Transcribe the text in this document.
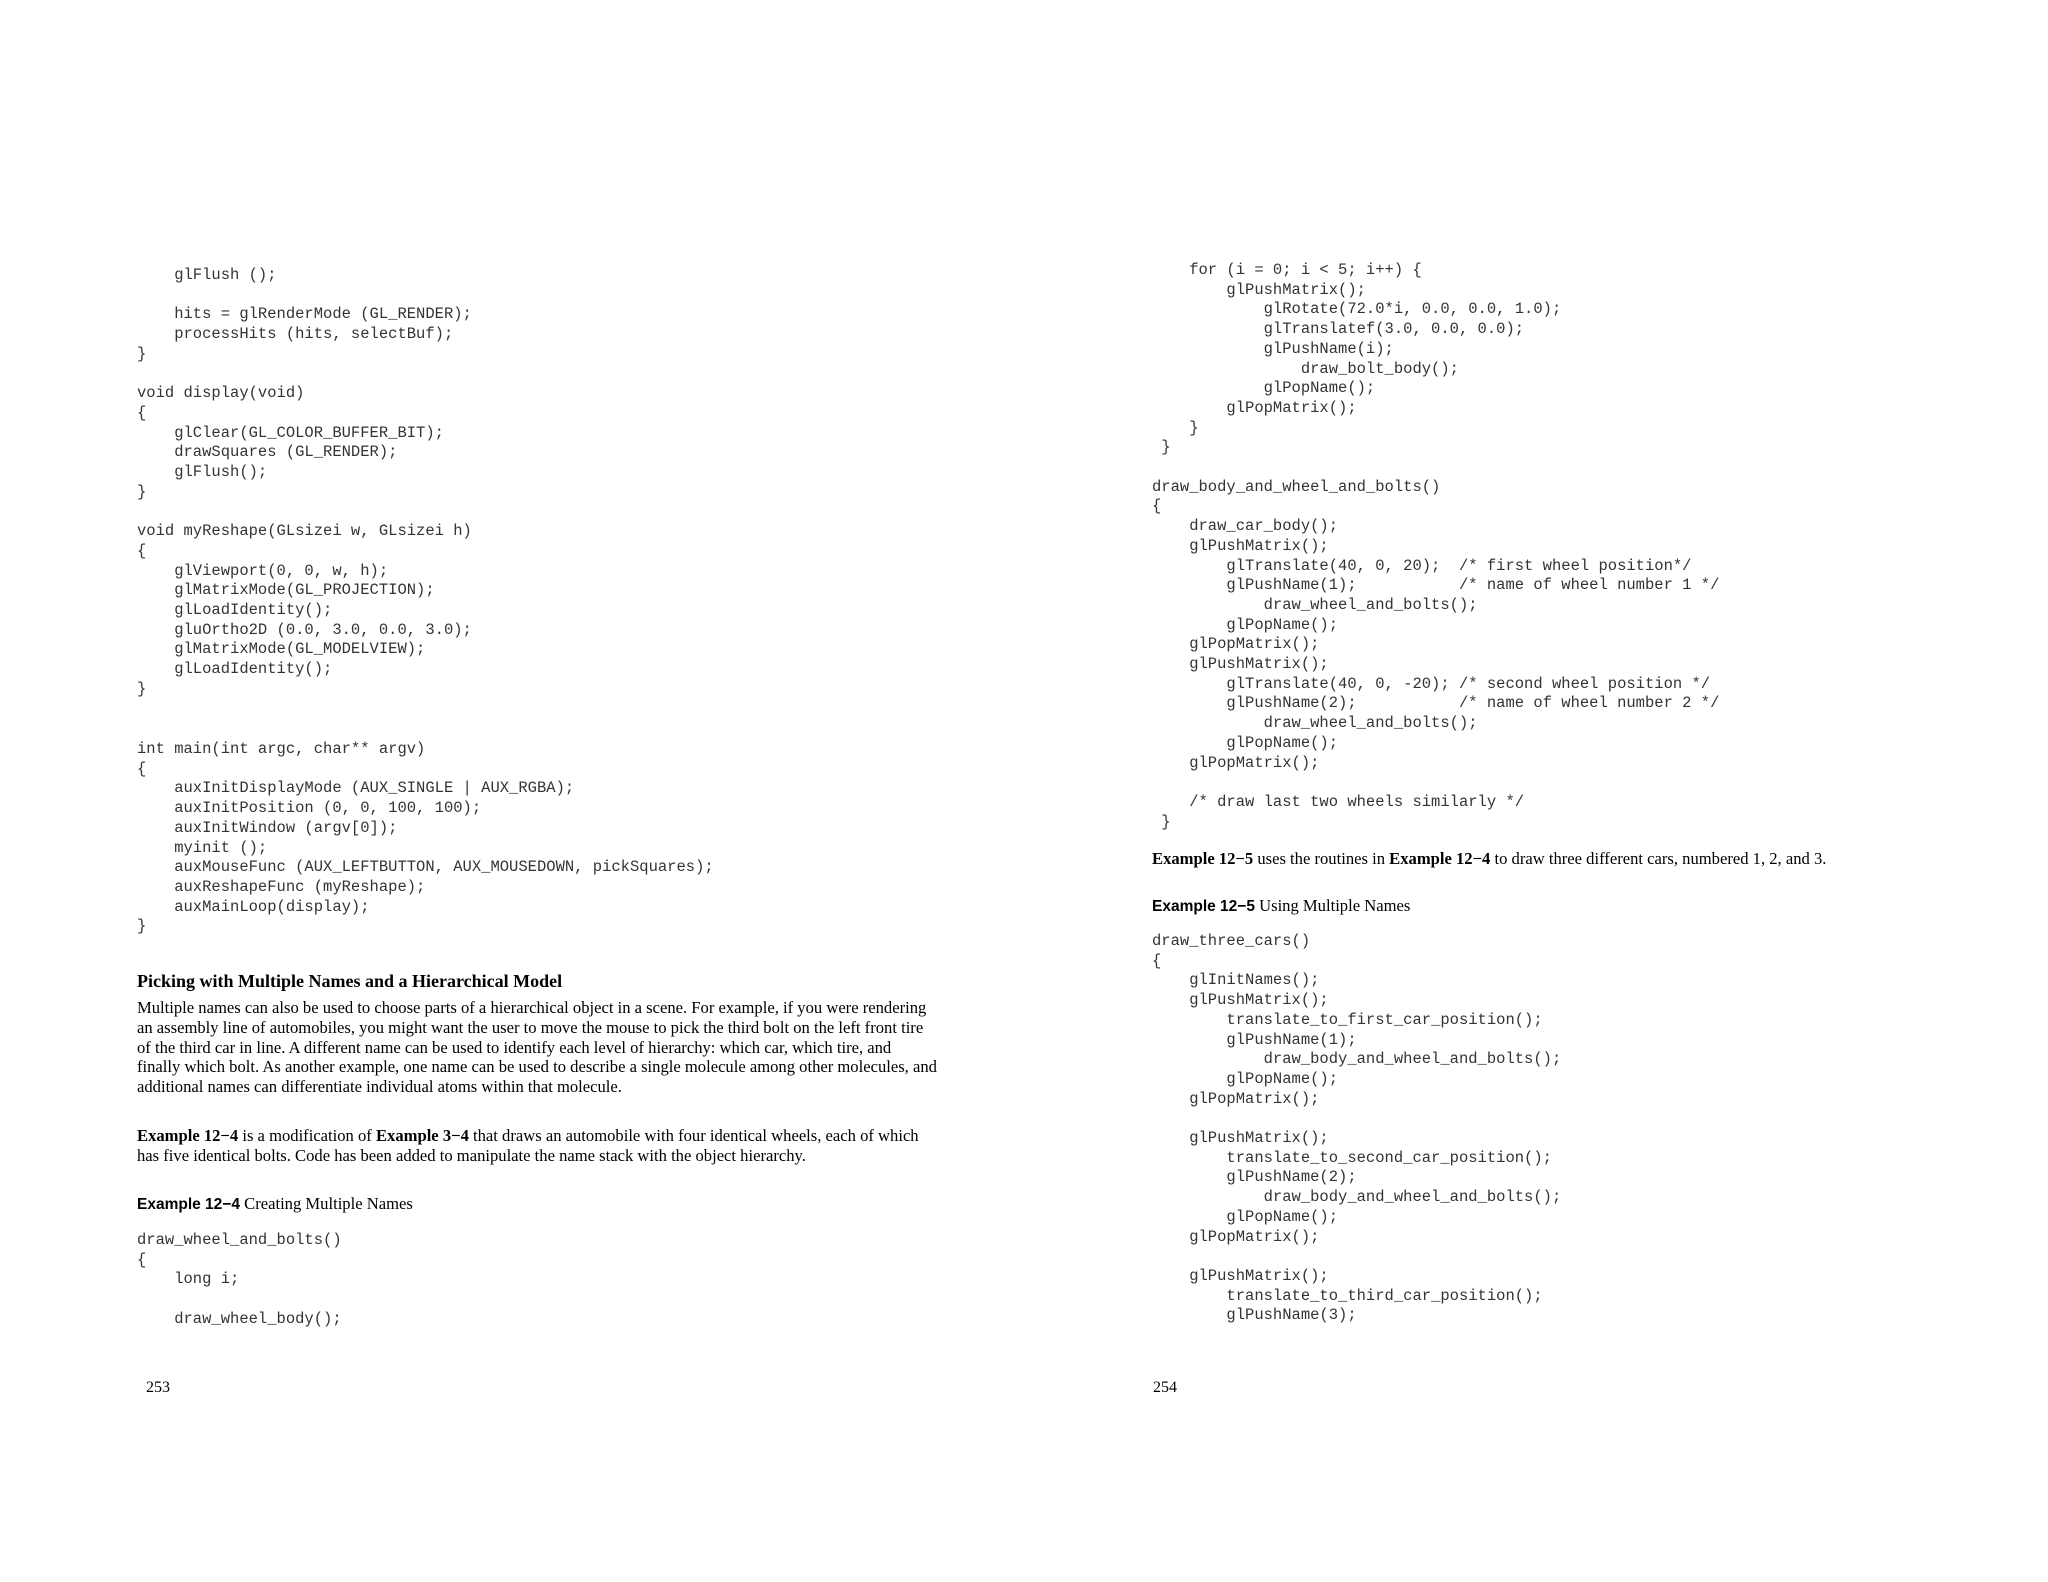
glFlush ();

hits = glRenderMode (GL_RENDER);
processHits (hits, selectBuf);
}

void display(void)
{
glClear(GL_COLOR_BUFFER_BIT);
drawSquares (GL_RENDER);
glFlush();
}

void myReshape(GLsizei w, GLsizei h)
{
glViewport(0, 0, w, h);
glMatrixMode(GL_PROJECTION);
glLoadIdentity();
gluOrtho2D (0.0, 3.0, 0.0, 3.0);
glMatrixMode(GL_MODELVIEW);
glLoadIdentity();
}
int main(int argc, char** argv)
{
auxInitDisplayMode (AUX_SINGLE | AUX_RGBA);
auxInitPosition (0, 0, 100, 100);
auxInitWindow (argv[0]);
myinit ();
auxMouseFunc (AUX_LEFTBUTTON, AUX_MOUSEDOWN, pickSquares);
auxReshapeFunc (myReshape);
auxMainLoop(display);
}
Picking with Multiple Names and a Hierarchical Model

Multiple names can also be used to choose parts of a hierarchical object in a scene. For example, if you were rendering an assembly line of automobiles, you might want the user to move the mouse to pick the third bolt on the left front tire of the third car in line. A different name can be used to identify each level of hierarchy: which car, which tire, and finally which bolt. As another example, one name can be used to describe a single molecule among other molecules, and additional names can differentiate individual atoms within that molecule.

Example 12−4 is a modification of Example 3−4 that draws an automobile with four identical wheels, each of which has five identical bolts. Code has been added to manipulate the name stack with the object hierarchy.

Example 12−4 Creating Multiple Names

draw_wheel_and_bolts()
{
long i;

draw_wheel_body();

253

for (i = 0; i < 5; i++) {
glPushMatrix();
glRotate(72.0*i, 0.0, 0.0, 1.0);
glTranslatef(3.0, 0.0, 0.0);
glPushName(i);
draw_bolt_body();
glPopName();
glPopMatrix();
}
}

draw_body_and_wheel_and_bolts()
{
draw_car_body();
glPushMatrix();
glTranslate(40, 0, 20);  /* first wheel position*/
glPushName(1);           /* name of wheel number 1 */
draw_wheel_and_bolts();
glPopName();
glPopMatrix();
glPushMatrix();
glTranslate(40, 0, -20); /* second wheel position */
glPushName(2);           /* name of wheel number 2 */
draw_wheel_and_bolts();
glPopName();
glPopMatrix();

/* draw last two wheels similarly */
}

Example 12−5 uses the routines in Example 12−4 to draw three different cars, numbered 1, 2, and 3.

Example 12−5 Using Multiple Names

draw_three_cars()
{
glInitNames();
glPushMatrix();
translate_to_first_car_position();
glPushName(1);
draw_body_and_wheel_and_bolts();
glPopName();
glPopMatrix();

glPushMatrix();
translate_to_second_car_position();
glPushName(2);
draw_body_and_wheel_and_bolts();
glPopName();
glPopMatrix();

glPushMatrix();
translate_to_third_car_position();
glPushName(3);

254
